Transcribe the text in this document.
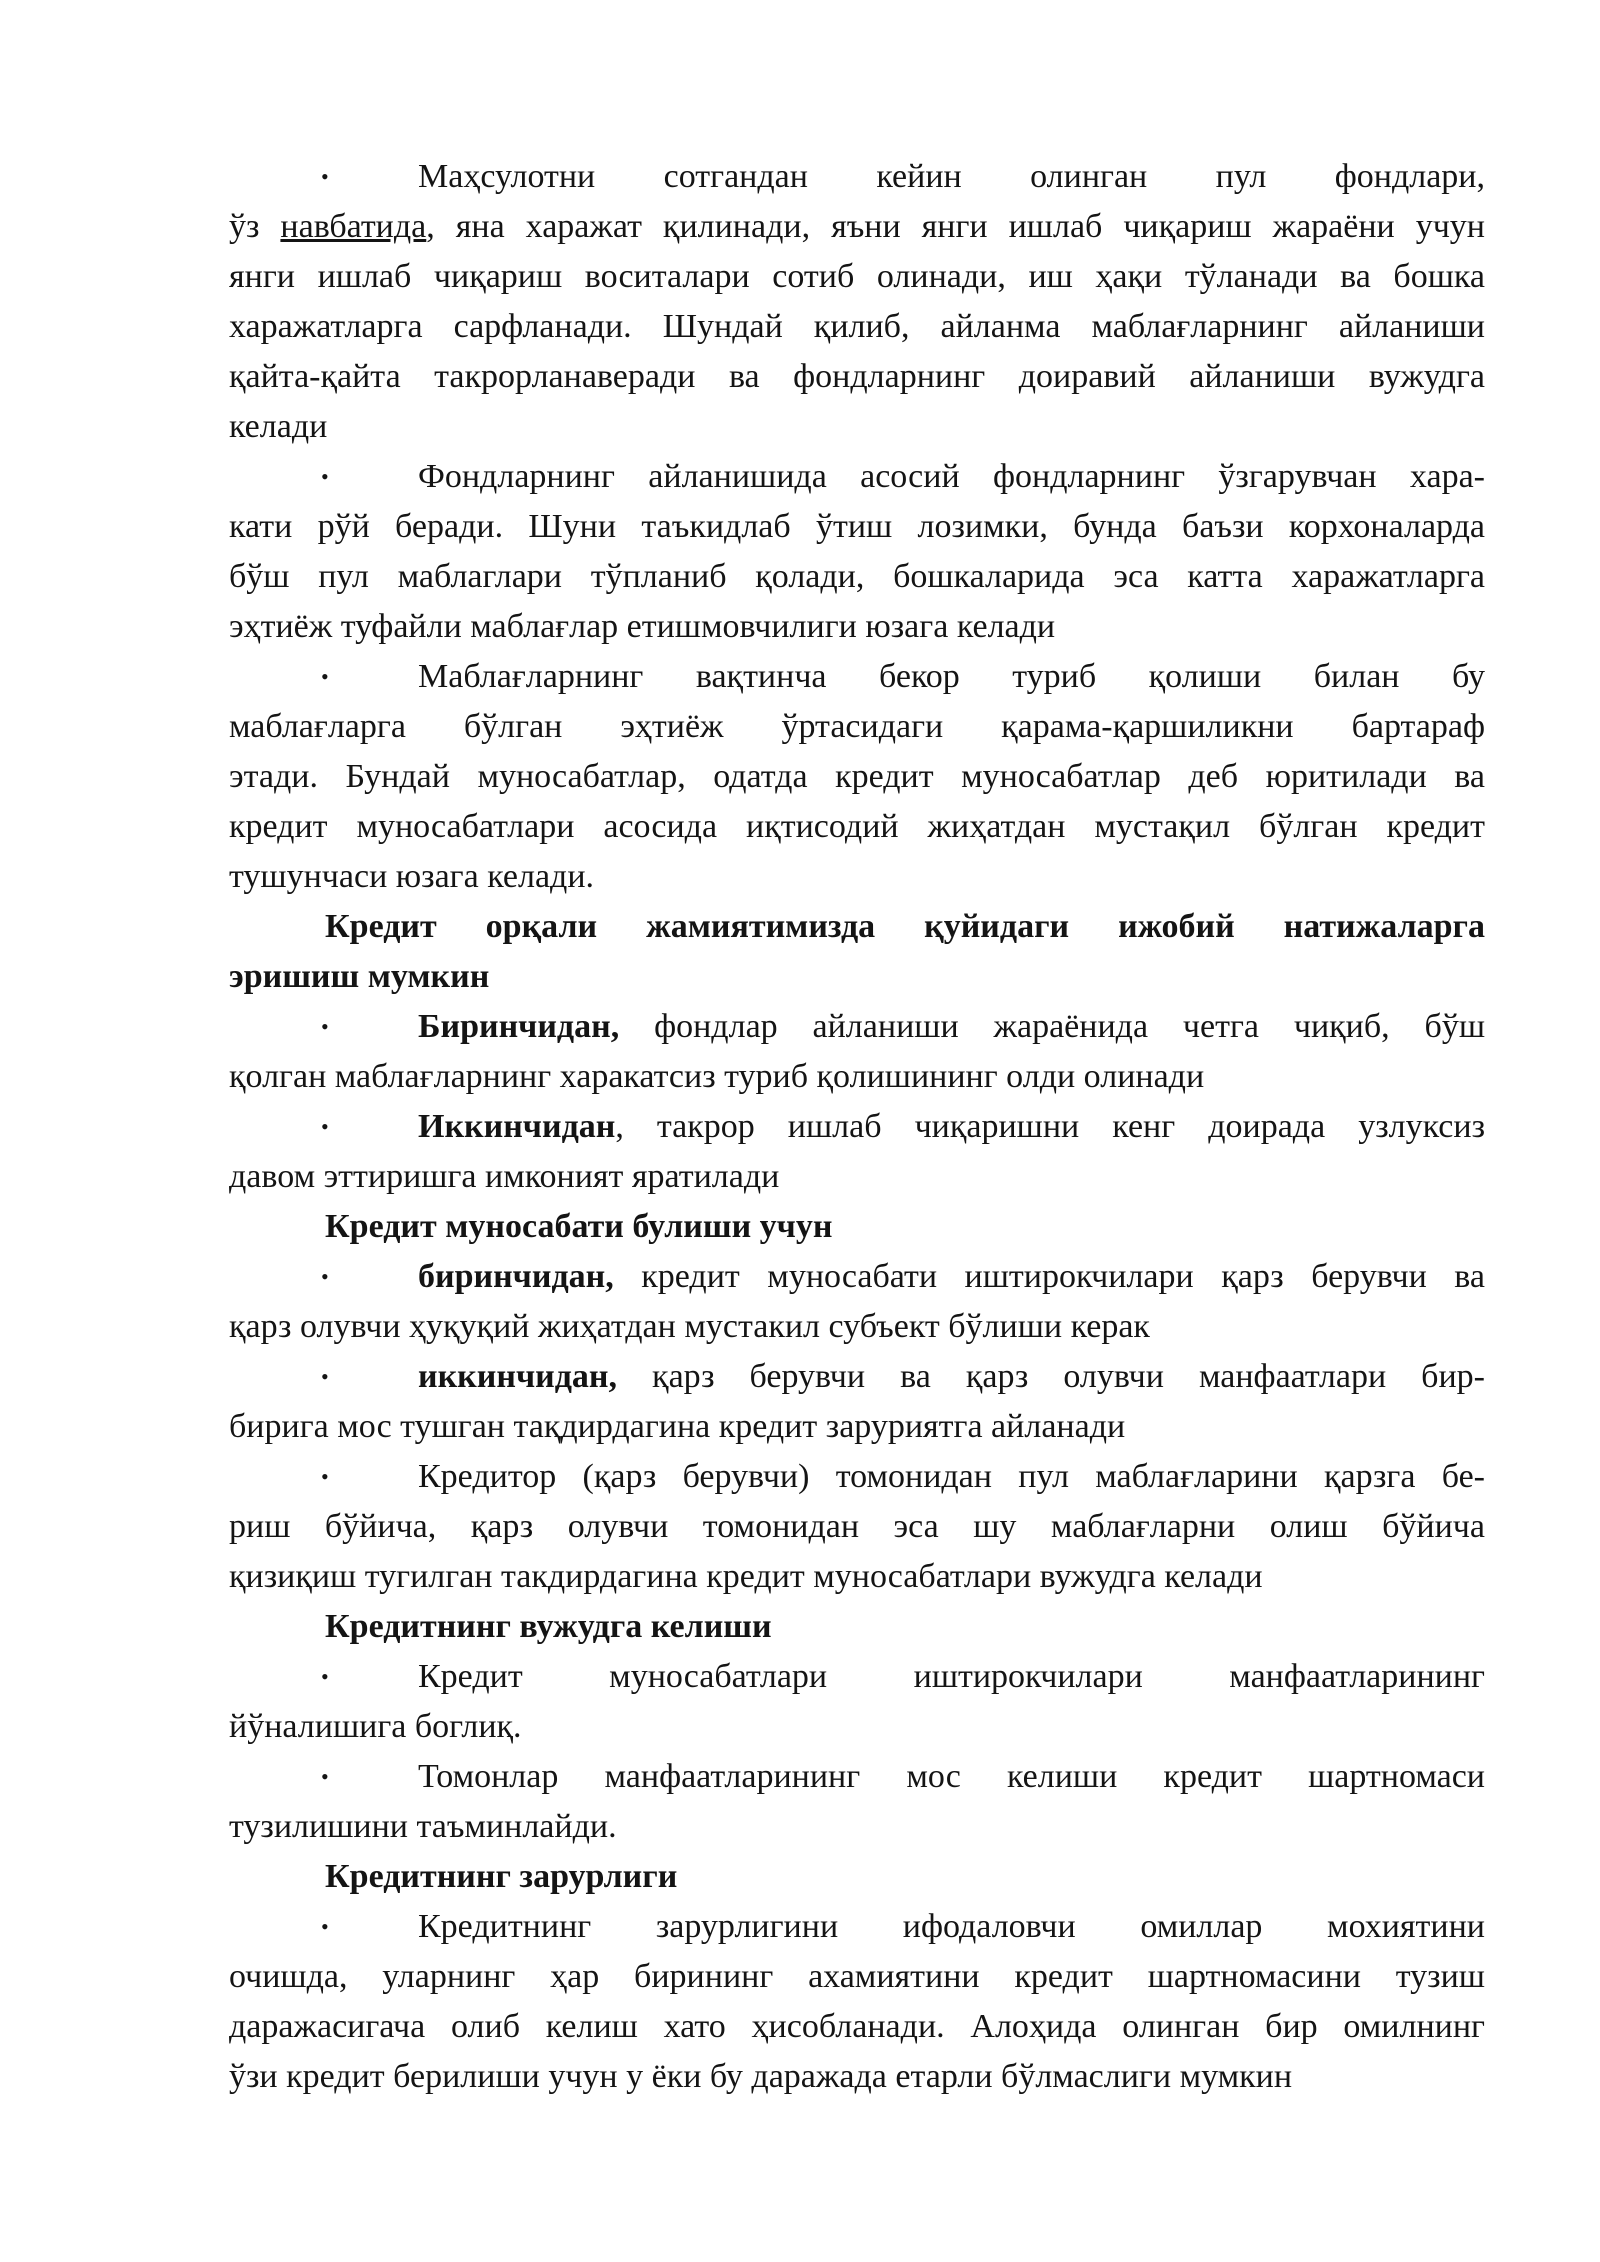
•	Маҳсулотни сотгандан кейин олинган пул фондлари,
ўз навбатида, яна харажат қилинади, яъни янги ишлаб чиқариш жараёни учун
янги ишлаб чиқариш воситалари сотиб олинади, иш ҳақи тўланади ва бошка
харажатларга сарфланади. Шундай қилиб, айланма маблағларнинг айланиши
қайта-қайта такрорланаверади ва фондларнинг доиравий айланиши вужудга
келади
•	Фондларнинг айланишида асосий фондларнинг ўзгарувчан хара-
кати рўй беради. Шуни таъкидлаб ўтиш лозимки, бунда баъзи корхоналарда
бўш пул маблаглари тўпланиб қолади, бошкаларида эса катта харажатларга
эҳтиёж туфайли маблағлар етишмовчилиги юзага келади
•	Маблағларнинг вақтинча бекор туриб қолиши билан бу
маблағларга бўлган эҳтиёж ўртасидаги қарама-қаршиликни бартараф
этади. Бундай муносабатлар, одатда кредит муносабатлар деб юритилади ва
кредит муносабатлари асосида иқтисодий жиҳатдан мустақил бўлган кредит
тушунчаси юзага келади.
Кредит орқали жамиятимизда қуйидаги ижобий натижаларга
эришиш мумкин
•	Биринчидан, фондлар айланиши жараёнида четга чиқиб, бўш
қолган маблағларнинг харакатсиз туриб қолишининг олди олинади
•	Иккинчидан, такрор ишлаб чиқаришни кенг доирада узлуксиз
давом эттиришга имконият яратилади
Кредит муносабати булиши учун
•	биринчидан, кредит муносабати иштирокчилари қарз берувчи ва
қарз олувчи ҳуқуқий жиҳатдан мустакил субъект бўлиши керак
•	иккинчидан, қарз берувчи ва қарз олувчи манфаатлари бир-
бирига мос тушган тақдирдагина кредит заруриятга айланади
•	Кредитор (қарз берувчи) томонидан пул маблағларини қарзга бе-
риш бўйича, қарз олувчи томонидан эса шу маблағларни олиш бўйича
қизиқиш тугилган такдирдагина кредит муносабатлари вужудга келади
Кредитнинг вужудга келиши
•	Кредит муносабатлари иштирокчилари манфаатларининг
йўналишига боглиқ.
•	Томонлар манфаатларининг мос келиши кредит шартномаси
тузилишини таъминлайди.
Кредитнинг зарурлиги
•	Кредитнинг зарурлигини ифодаловчи омиллар мохиятини
очишда, уларнинг ҳар бирининг ахамиятини кредит шартномасини тузиш
даражасигача олиб келиш хато ҳисобланади. Алоҳида олинган бир омилнинг
ўзи кредит берилиши учун у ёки бу даражада етарли бўлмаслиги мумкин
